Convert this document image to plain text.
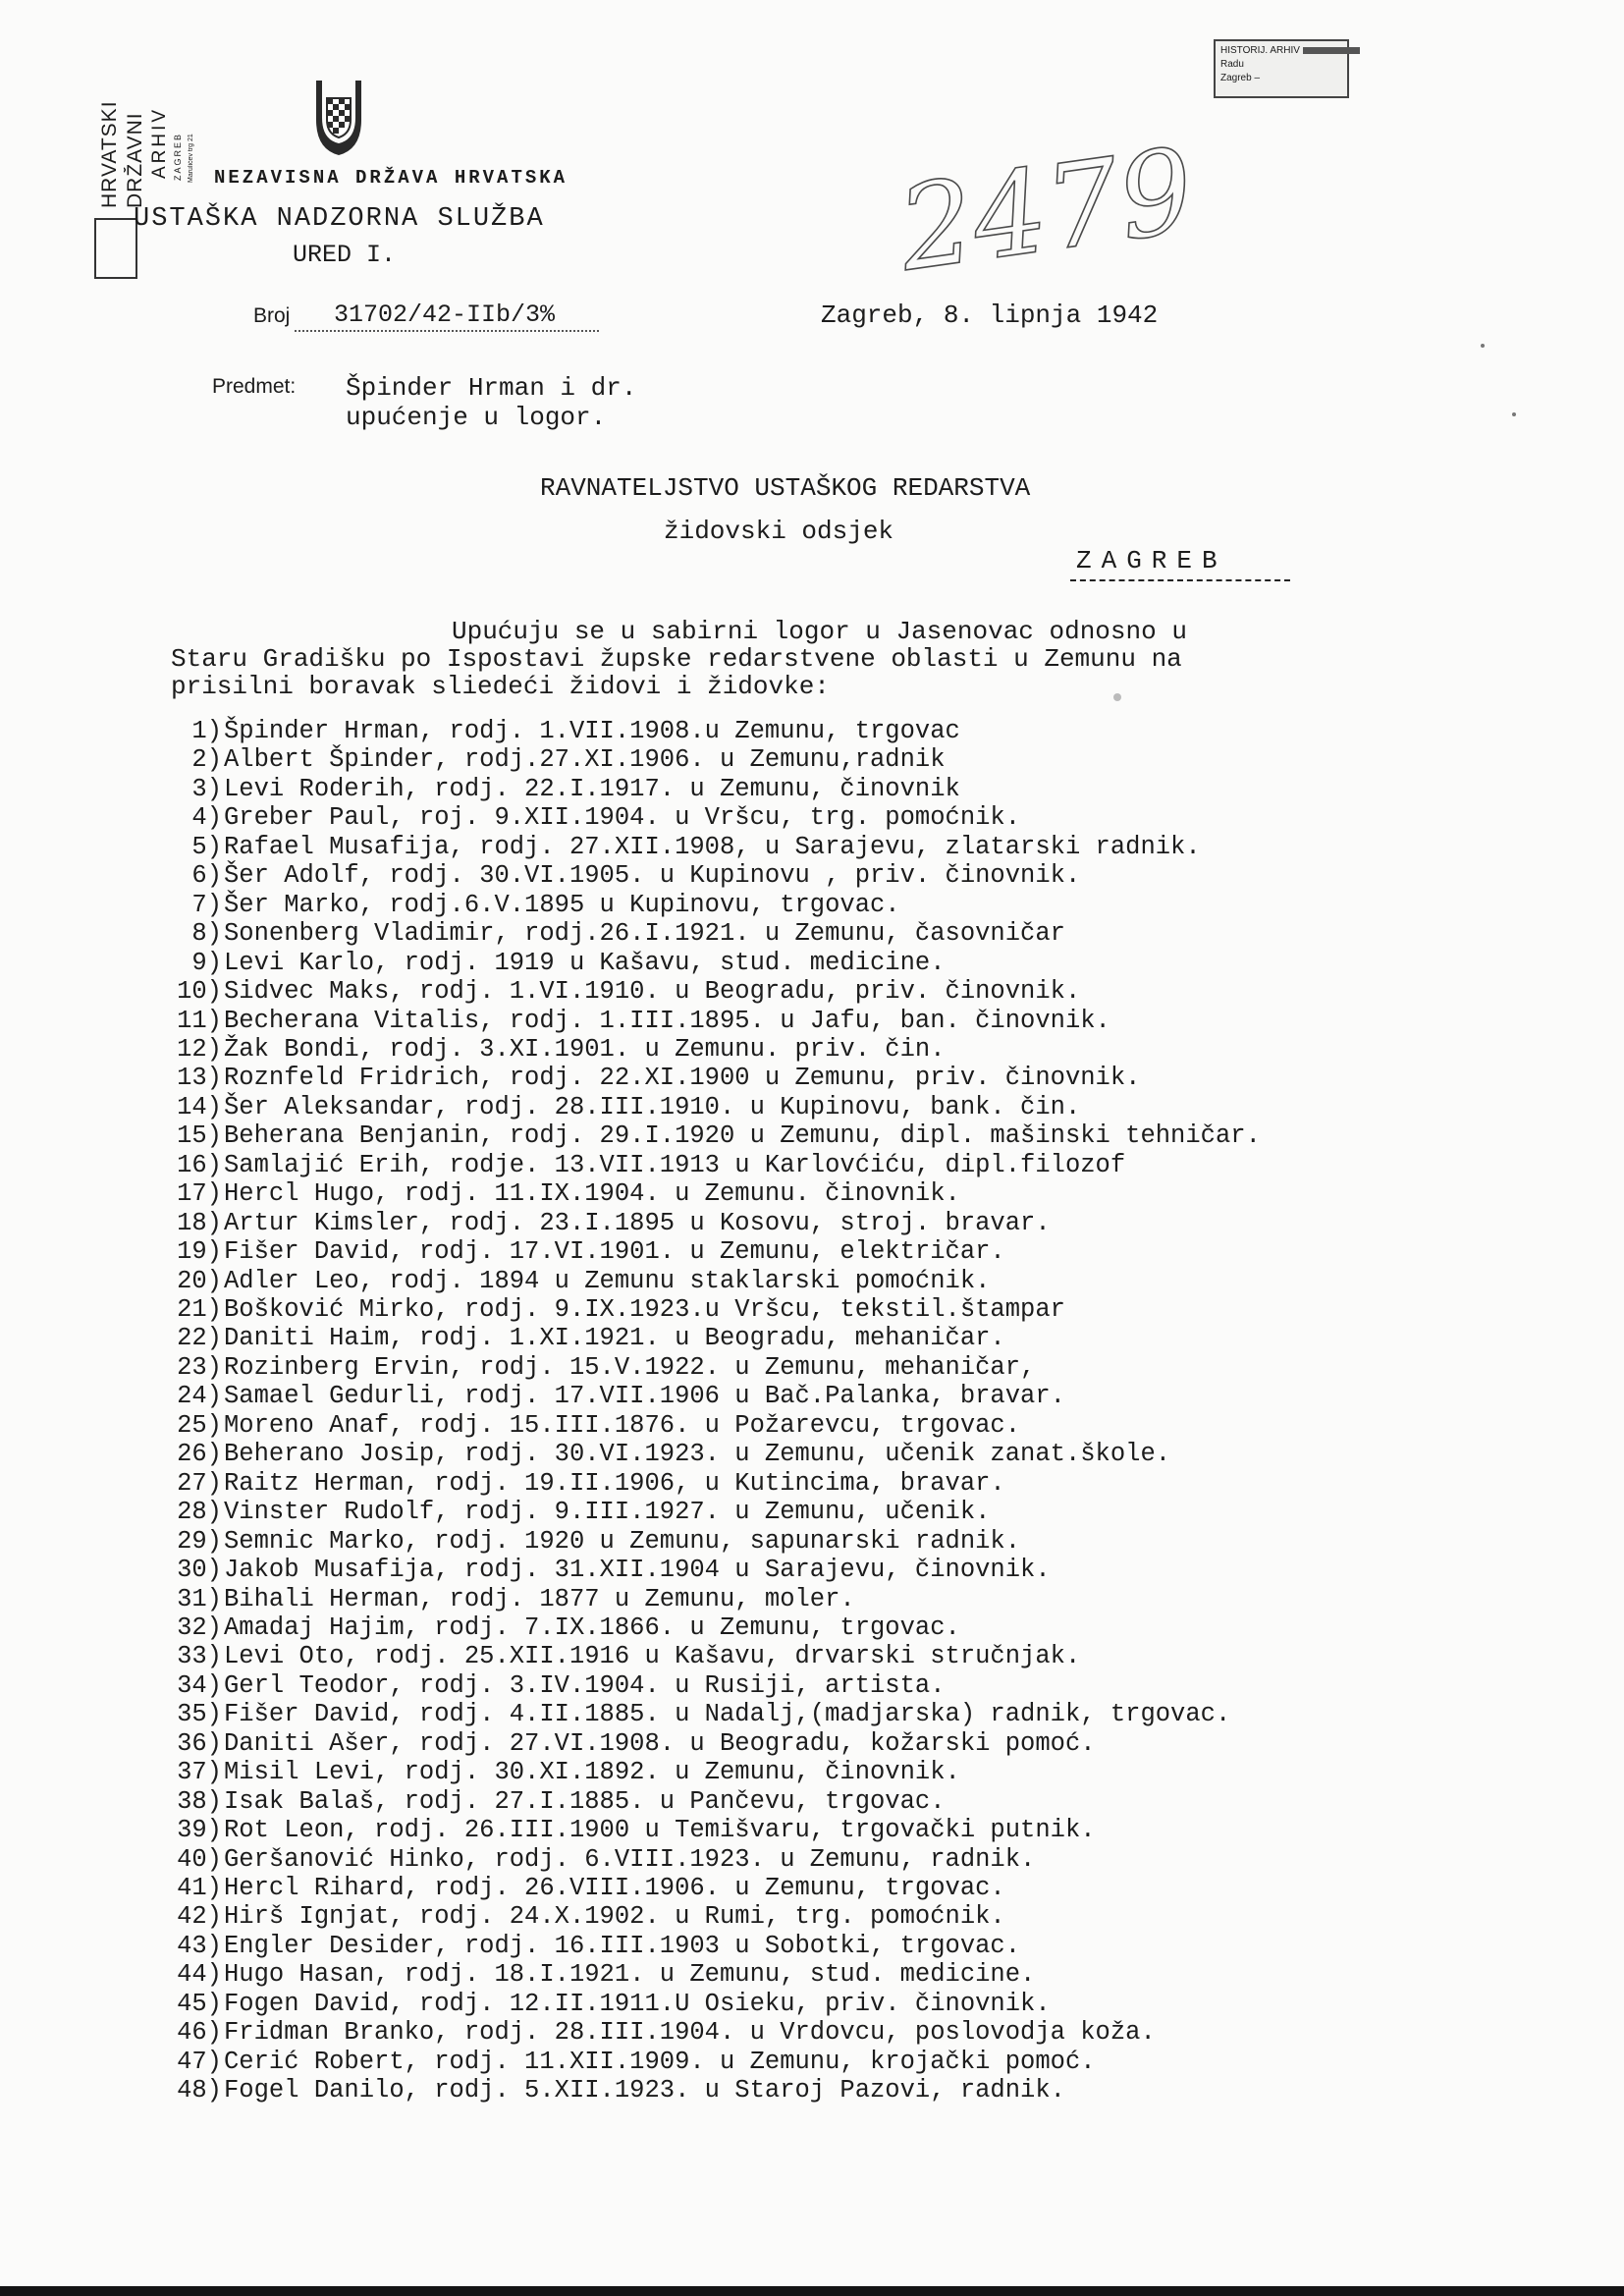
HRVATSKI ARHIV
DRŽAVNI	ZAGREB Marulićev trg 21 NEZAVISNA DRŽAVA HRVATSKA
USTAŠKA NADZORNA SLUŽBA
URED I.
HISTORIJ. ARHIV
Radu
Zagreb –
2479
Broj 31702/42-IIb/3%	Zagreb, 8. lipnja 1942
Predmet: Špinder Hrman i dr.
upućenje u logor.
RAVNATELJSTVO USTAŠKOG REDARSTVA
židovski odsjek
ZAGREB
Upućuju se u sabirni logor u Jasenovac odnosno u
Staru Gradišku po Ispostavi župske redarstvene oblasti u Zemunu na
prisilni boravak sliedeći židovi i židovke:
1)Špinder Hrman, rodj. 1.VII.1908.u Zemunu, trgovac
2)Albert Špinder, rodj.27.XI.1906. u Zemunu,radnik
3)Levi Roderih, rodj. 22.I.1917. u Zemunu, činovnik
4)Greber Paul, roj. 9.XII.1904. u Vršcu, trg. pomoćnik.
5)Rafael Musafija, rodj. 27.XII.1908, u Sarajevu, zlatarski radnik.
6)Šer Adolf, rodj. 30.VI.1905. u Kupinovu , priv. činovnik.
7)Šer Marko, rodj.6.V.1895 u Kupinovu, trgovac.
8)Sonenberg Vladimir, rodj.26.I.1921. u Zemunu, časovničar
9)Levi Karlo, rodj. 1919 u Kašavu, stud. medicine.
10)Sidvec Maks, rodj. 1.VI.1910. u Beogradu, priv. činovnik.
11)Becherana Vitalis, rodj. 1.III.1895. u Jafu, ban. činovnik.
12)Žak Bondi, rodj. 3.XI.1901. u Zemunu. priv. čin.
13)Roznfeld Fridrich, rodj. 22.XI.1900 u Zemunu, priv. činovnik.
14)Šer Aleksandar, rodj. 28.III.1910. u Kupinovu, bank. čin.
15)Beherana Benjanin, rodj. 29.I.1920 u Zemunu, dipl. mašinski tehničar.
16)Samlajić Erih, rodje. 13.VII.1913 u Karlovćiću, dipl.filozof
17)Hercl Hugo, rodj. 11.IX.1904. u Zemunu. činovnik.
18)Artur Kimsler, rodj. 23.I.1895 u Kosovu, stroj. bravar.
19)Fišer David, rodj. 17.VI.1901. u Zemunu, električar.
20)Adler Leo, rodj. 1894 u Zemunu staklarski pomoćnik.
21)Bošković Mirko, rodj. 9.IX.1923.u Vršcu, tekstil.štampar
22)Daniti Haim, rodj. 1.XI.1921. u Beogradu, mehaničar.
23)Rozinberg Ervin, rodj. 15.V.1922. u Zemunu, mehaničar,
24)Samael Gedurli, rodj. 17.VII.1906 u Bač.Palanka, bravar.
25)Moreno Anaf, rodj. 15.III.1876. u Požarevcu, trgovac.
26)Beherano Josip, rodj. 30.VI.1923. u Zemunu, učenik zanat.škole.
27)Raitz Herman, rodj. 19.II.1906, u Kutincima, bravar.
28)Vinster Rudolf, rodj. 9.III.1927. u Zemunu, učenik.
29)Semnic Marko, rodj. 1920 u Zemunu, sapunarski radnik.
30)Jakob Musafija, rodj. 31.XII.1904 u Sarajevu, činovnik.
31)Bihali Herman, rodj. 1877 u Zemunu, moler.
32)Amadaj Hajim, rodj. 7.IX.1866. u Zemunu, trgovac.
33)Levi Oto, rodj. 25.XII.1916 u Kašavu, drvarski stručnjak.
34)Gerl Teodor, rodj. 3.IV.1904. u Rusiji, artista.
35)Fišer David, rodj. 4.II.1885. u Nadalj,(madjarska) radnik, trgovac.
36)Daniti Ašer, rodj. 27.VI.1908. u Beogradu, kožarski pomoć.
37)Misil Levi, rodj. 30.XI.1892. u Zemunu, činovnik.
38)Isak Balaš, rodj. 27.I.1885. u Pančevu, trgovac.
39)Rot Leon, rodj. 26.III.1900 u Temišvaru, trgovački putnik.
40)Geršanović Hinko, rodj. 6.VIII.1923. u Zemunu, radnik.
41)Hercl Rihard, rodj. 26.VIII.1906. u Zemunu, trgovac.
42)Hirš Ignjat, rodj. 24.X.1902. u Rumi, trg. pomoćnik.
43)Engler Desider, rodj. 16.III.1903 u Sobotki, trgovac.
44)Hugo Hasan, rodj. 18.I.1921. u Zemunu, stud. medicine.
45)Fogen David, rodj. 12.II.1911.U Osieku, priv. činovnik.
46)Fridman Branko, rodj. 28.III.1904. u Vrdovcu, poslovodja koža.
47)Cerić Robert, rodj. 11.XII.1909. u Zemunu, krojački pomoć.
48)Fogel Danilo, rodj. 5.XII.1923. u Staroj Pazovi, radnik.
